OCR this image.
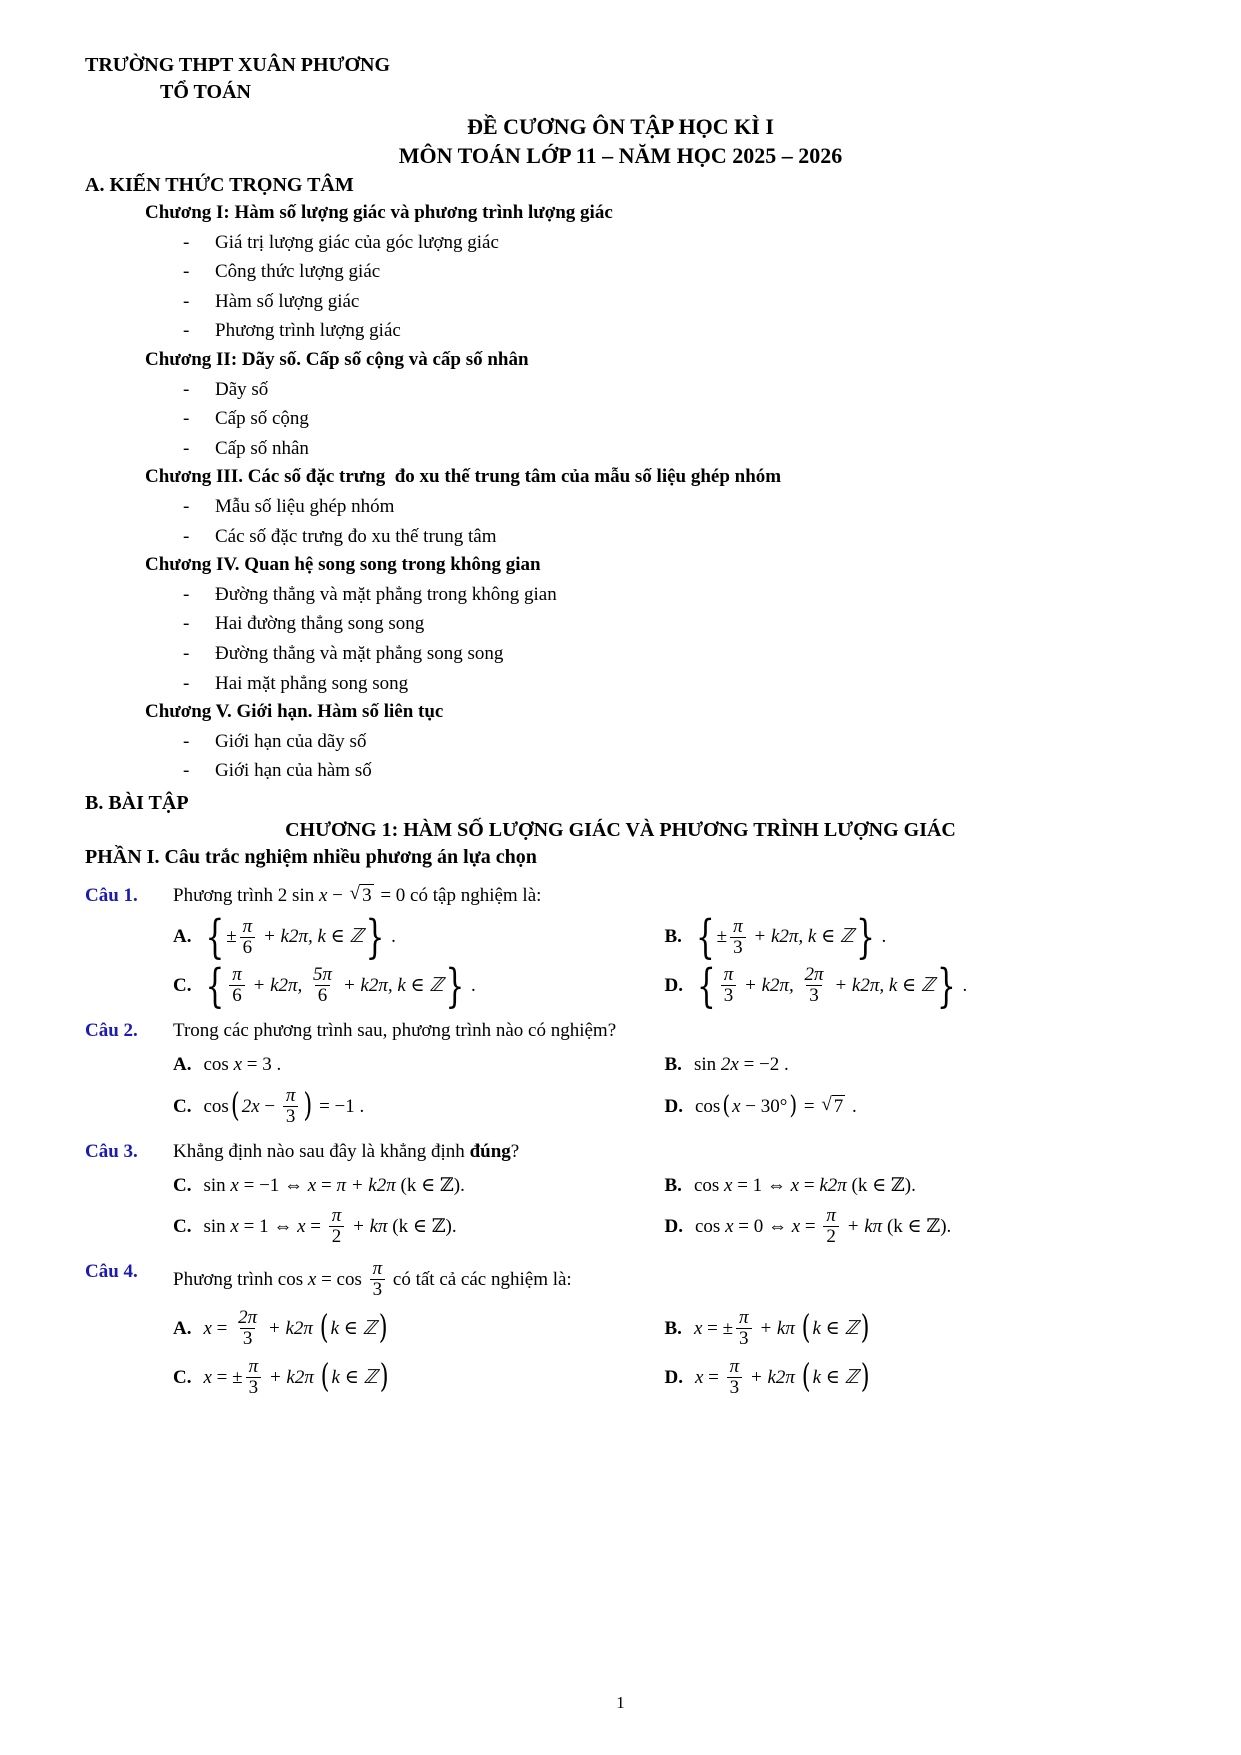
TRƯỜNG THPT XUÂN PHƯƠNG
TỔ TOÁN
ĐỀ CƯƠNG ÔN TẬP HỌC KÌ I
MÔN TOÁN LỚP 11 – NĂM HỌC 2025 – 2026
A. KIẾN THỨC TRỌNG TÂM
Chương I: Hàm số lượng giác và phương trình lượng giác
- Giá trị lượng giác của góc lượng giác
- Công thức lượng giác
- Hàm số lượng giác
- Phương trình lượng giác
Chương II: Dãy số. Cấp số cộng và cấp số nhân
- Dãy số
- Cấp số cộng
- Cấp số nhân
Chương III. Các số đặc trưng  đo xu thế trung tâm của mẫu số liệu ghép nhóm
- Mẫu số liệu ghép nhóm
- Các số đặc trưng đo xu thế trung tâm
Chương IV. Quan hệ song song trong không gian
- Đường thẳng và mặt phẳng trong không gian
- Hai đường thẳng song song
- Đường thẳng và mặt phẳng song song
- Hai mặt phẳng song song
Chương V. Giới hạn. Hàm số liên tục
- Giới hạn của dãy số
- Giới hạn của hàm số
B. BÀI TẬP
CHƯƠNG 1: HÀM SỐ LƯỢNG GIÁC VÀ PHƯƠNG TRÌNH LƯỢNG GIÁC
PHẦN I. Câu trắc nghiệm nhiều phương án lựa chọn
Câu 1.	Phương trình 2 sin x − √ 3 = 0 có tập nghiệm là:
A. { ± $\frac{\pi}{6} + k2\pi$, k ∈ ℤ } .	B. { ± $\frac{\pi}{3} + k2\pi$, k ∈ ℤ } .
C. { $\frac{\pi}{6} + k2\pi$, $\frac{5\pi}{6} + k2\pi$, k ∈ ℤ } .	D. { $\frac{\pi}{3} + k2\pi$, $\frac{2\pi}{3} + k2\pi$, k ∈ ℤ } .
Câu 2.	Trong các phương trình sau, phương trình nào có nghiệm?
A. cos x = 3 .	B. sin 2x = −2 .
C. cos ( $2x - \frac{\pi}{3}$ ) = −1 .	D. cos ( x − 30° ) = √ 7 .
Câu 3.	Khẳng định nào sau đây là khẳng định đúng ?
C. sin x = −1 ⇔ x = π + k2π (k ∈ ℤ).	B. cos x = 1 ⇔ x = k2π (k ∈ ℤ).
C. sin x = 1 ⇔ $x = \frac{\pi}{2} + k\pi$ (k ∈ ℤ).	D. cos x = 0 ⇔ $x = \frac{\pi}{2} + k\pi$ (k ∈ ℤ).
Câu 4.	Phương trình $\cos x = \cos \frac{\pi}{3}$ có tất cả các nghiệm là:
A. $x = \frac{2\pi}{3} + k2\pi$ ( k ∈ ℤ )	B. x = ± $\frac{\pi}{3} + k\pi$ ( k ∈ ℤ )
C. x = ± $\frac{\pi}{3} + k2\pi$ ( k ∈ ℤ )	D. $x = \frac{\pi}{3} + k2\pi$ ( k ∈ ℤ )
1
